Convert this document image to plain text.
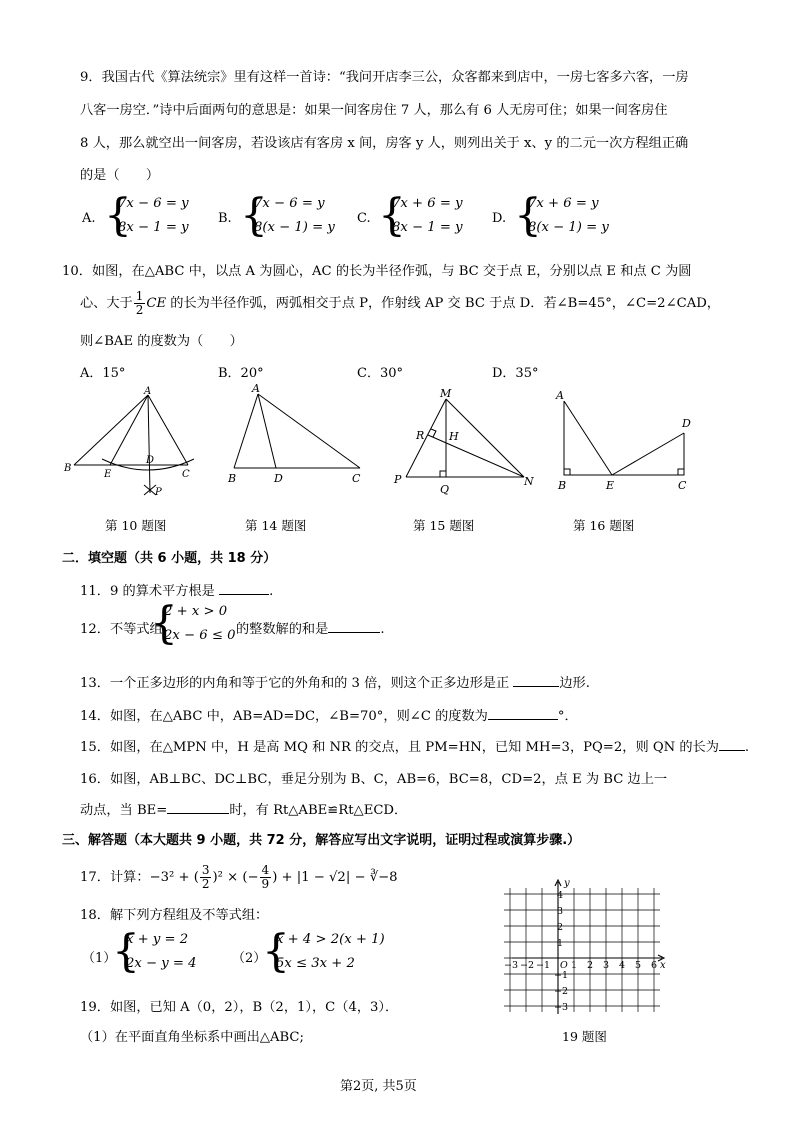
9．我国古代《算法统宗》里有这样一首诗：“我问开店李三公，众客都来到店中，一房七客多六客，一房
八客一房空．”诗中后面两句的意思是：如果一间客房住 7 人，那么有 6 人无房可住；如果一间客房住
8 人，那么就空出一间客房，若设该店有客房 x 间，房客 y 人，则列出关于 x、y 的二元一次方程组正确
的是（　　）
A. {
7x − 6 = y
8x − 1 = y
B. {
7x − 6 = y
8(x − 1) = y
C. {
7x + 6 = y
8x − 1 = y
D. {
7x + 6 = y
8(x − 1) = y
10．如图，在△ABC 中，以点 A 为圆心，AC 的长为半径作弧，与 BC 交于点 E，分别以点 E 和点 C 为圆
心、大于 $\frac{1}{2}$ CE 的长为半径作弧，两弧相交于点 P，作射线 AP 交 BC 于点 D．若∠B=45°，∠C=2∠CAD，
则∠BAE 的度数为（　　）
A．15°	B．20°	C．30°	D．35°
A
B
E
D
C
P
第 10 题图
A
B	D	C
第 14 题图
M
R H
P
Q
N
第 15 题图
A
D
B	E	C
第 16 题图
二．填空题（共 6 小题，共 18 分）
11．9 的算术平方根是	.
12．不等式组
{
2 + x > 0
2x − 6 ≤ 0 的整数解的和是	.
13．一个正多边形的内角和等于它的外角和的 3 倍，则这个正多边形是正	边形.
14．如图，在△ABC 中，AB=AD=DC，∠B=70°，则∠C 的度数为	°．
15．如图，在△MPN 中，H 是高 MQ 和 NR 的交点，且 PM=HN，已知 MH=3，PQ=2，则 QN 的长为 .
16．如图，AB⊥BC、DC⊥BC，垂足分别为 B、C，AB=6，BC=8，CD=2，点 E 为 BC 边上一
动点，当 BE=	时，有 Rt△ABE≌Rt△ECD．
三、解答题（本大题共 9 小题，共 72 分，解答应写出文字说明，证明过程或演算步骤.）
17．计算：−3² + ( $\frac{3}{2} )^2$ × (− $\frac{4}{9}$ ) + |1 − √2| − ∛−8
18．解下列方程组及不等式组：
（1）
{
x + y = 2
2x − y = 4	（2）
{
x + 4 > 2(x + 1)
5x ≤ 3x + 2
19．如图，已知 A（0，2），B（2，1），C（4，3）．
（1）在平面直角坐标系中画出△ABC;
−3 −2 −1 1 2 3 4 5 6
4
3
2
1
−1
−2
−3
x
y
O
19 题图
第2页, 共5页
